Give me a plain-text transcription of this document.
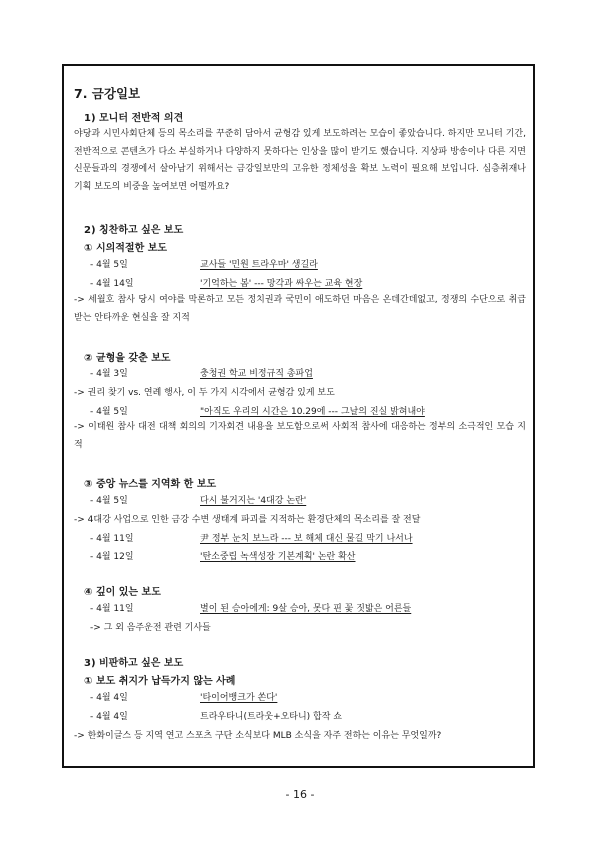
7. 금강일보
1) 모니터 전반적 의견
야당과 시민사회단체 등의 목소리를 꾸준히 담아서 균형감 있게 보도하려는 모습이 좋았습니다. 하지만 모니터 기간, 전반적으로 콘텐츠가 다소 부실하거나 다양하지 못하다는 인상을 많이 받기도 했습니다. 지상파 방송이나 다른 지면 신문들과의 경쟁에서 살아남기 위해서는 금강일보만의 고유한 정체성을 확보 노력이 필요해 보입니다. 심층취재나 기획 보도의 비중을 높여보면 어떨까요?
2) 칭찬하고 싶은 보도
① 시의적절한 보도
- 4월 5일	교사들 '민원 트라우마' 생길라
- 4월 14일	'기억하는 봄' --- 망각과 싸우는 교육 현장
-> 세월호 참사 당시 여야를 막론하고 모든 정치권과 국민이 애도하던 마음은 온데간데없고, 정쟁의 수단으로 취급받는 안타까운 현실을 잘 지적
② 균형을 갖춘 보도
- 4월 3일	충청권 학교 비정규직 총파업
-> 권리 찾기 vs. 연례 행사, 이 두 가지 시각에서 균형감 있게 보도
- 4월 5일	"아직도 우리의 시간은 10.29에 --- 그날의 진실 밝혀내야
-> 이태원 참사 대전 대책 회의의 기자회견 내용을 보도함으로써 사회적 참사에 대응하는 정부의 소극적인 모습 지적
③ 중앙 뉴스를 지역화 한 보도
- 4월 5일	다시 불거지는 '4대강 논란'
-> 4대강 사업으로 인한 금강 수변 생태계 파괴를 지적하는 환경단체의 목소리를 잘 전달
- 4월 11일	尹 정부 눈치 보느라 --- 보 해체 대신 물길 막기 나서나
- 4월 12일	'탄소중립 녹색성장 기본계획' 논란 확산
④ 깊이 있는 보도
- 4월 11일	별이 된 승아에게: 9살 승아, 못다 핀 꽃 짓밟은 어른들
-> 그 외 음주운전 관련 기사들
3) 비판하고 싶은 보도
① 보도 취지가 납득가지 않는 사례
- 4월 4일	'타이어뱅크가 쏜다'
- 4월 4일	트라우타니(트라웃+오타니) 합작 쇼
-> 한화이글스 등 지역 연고 스포츠 구단 소식보다 MLB 소식을 자주 전하는 이유는 무엇일까?
- 16 -
